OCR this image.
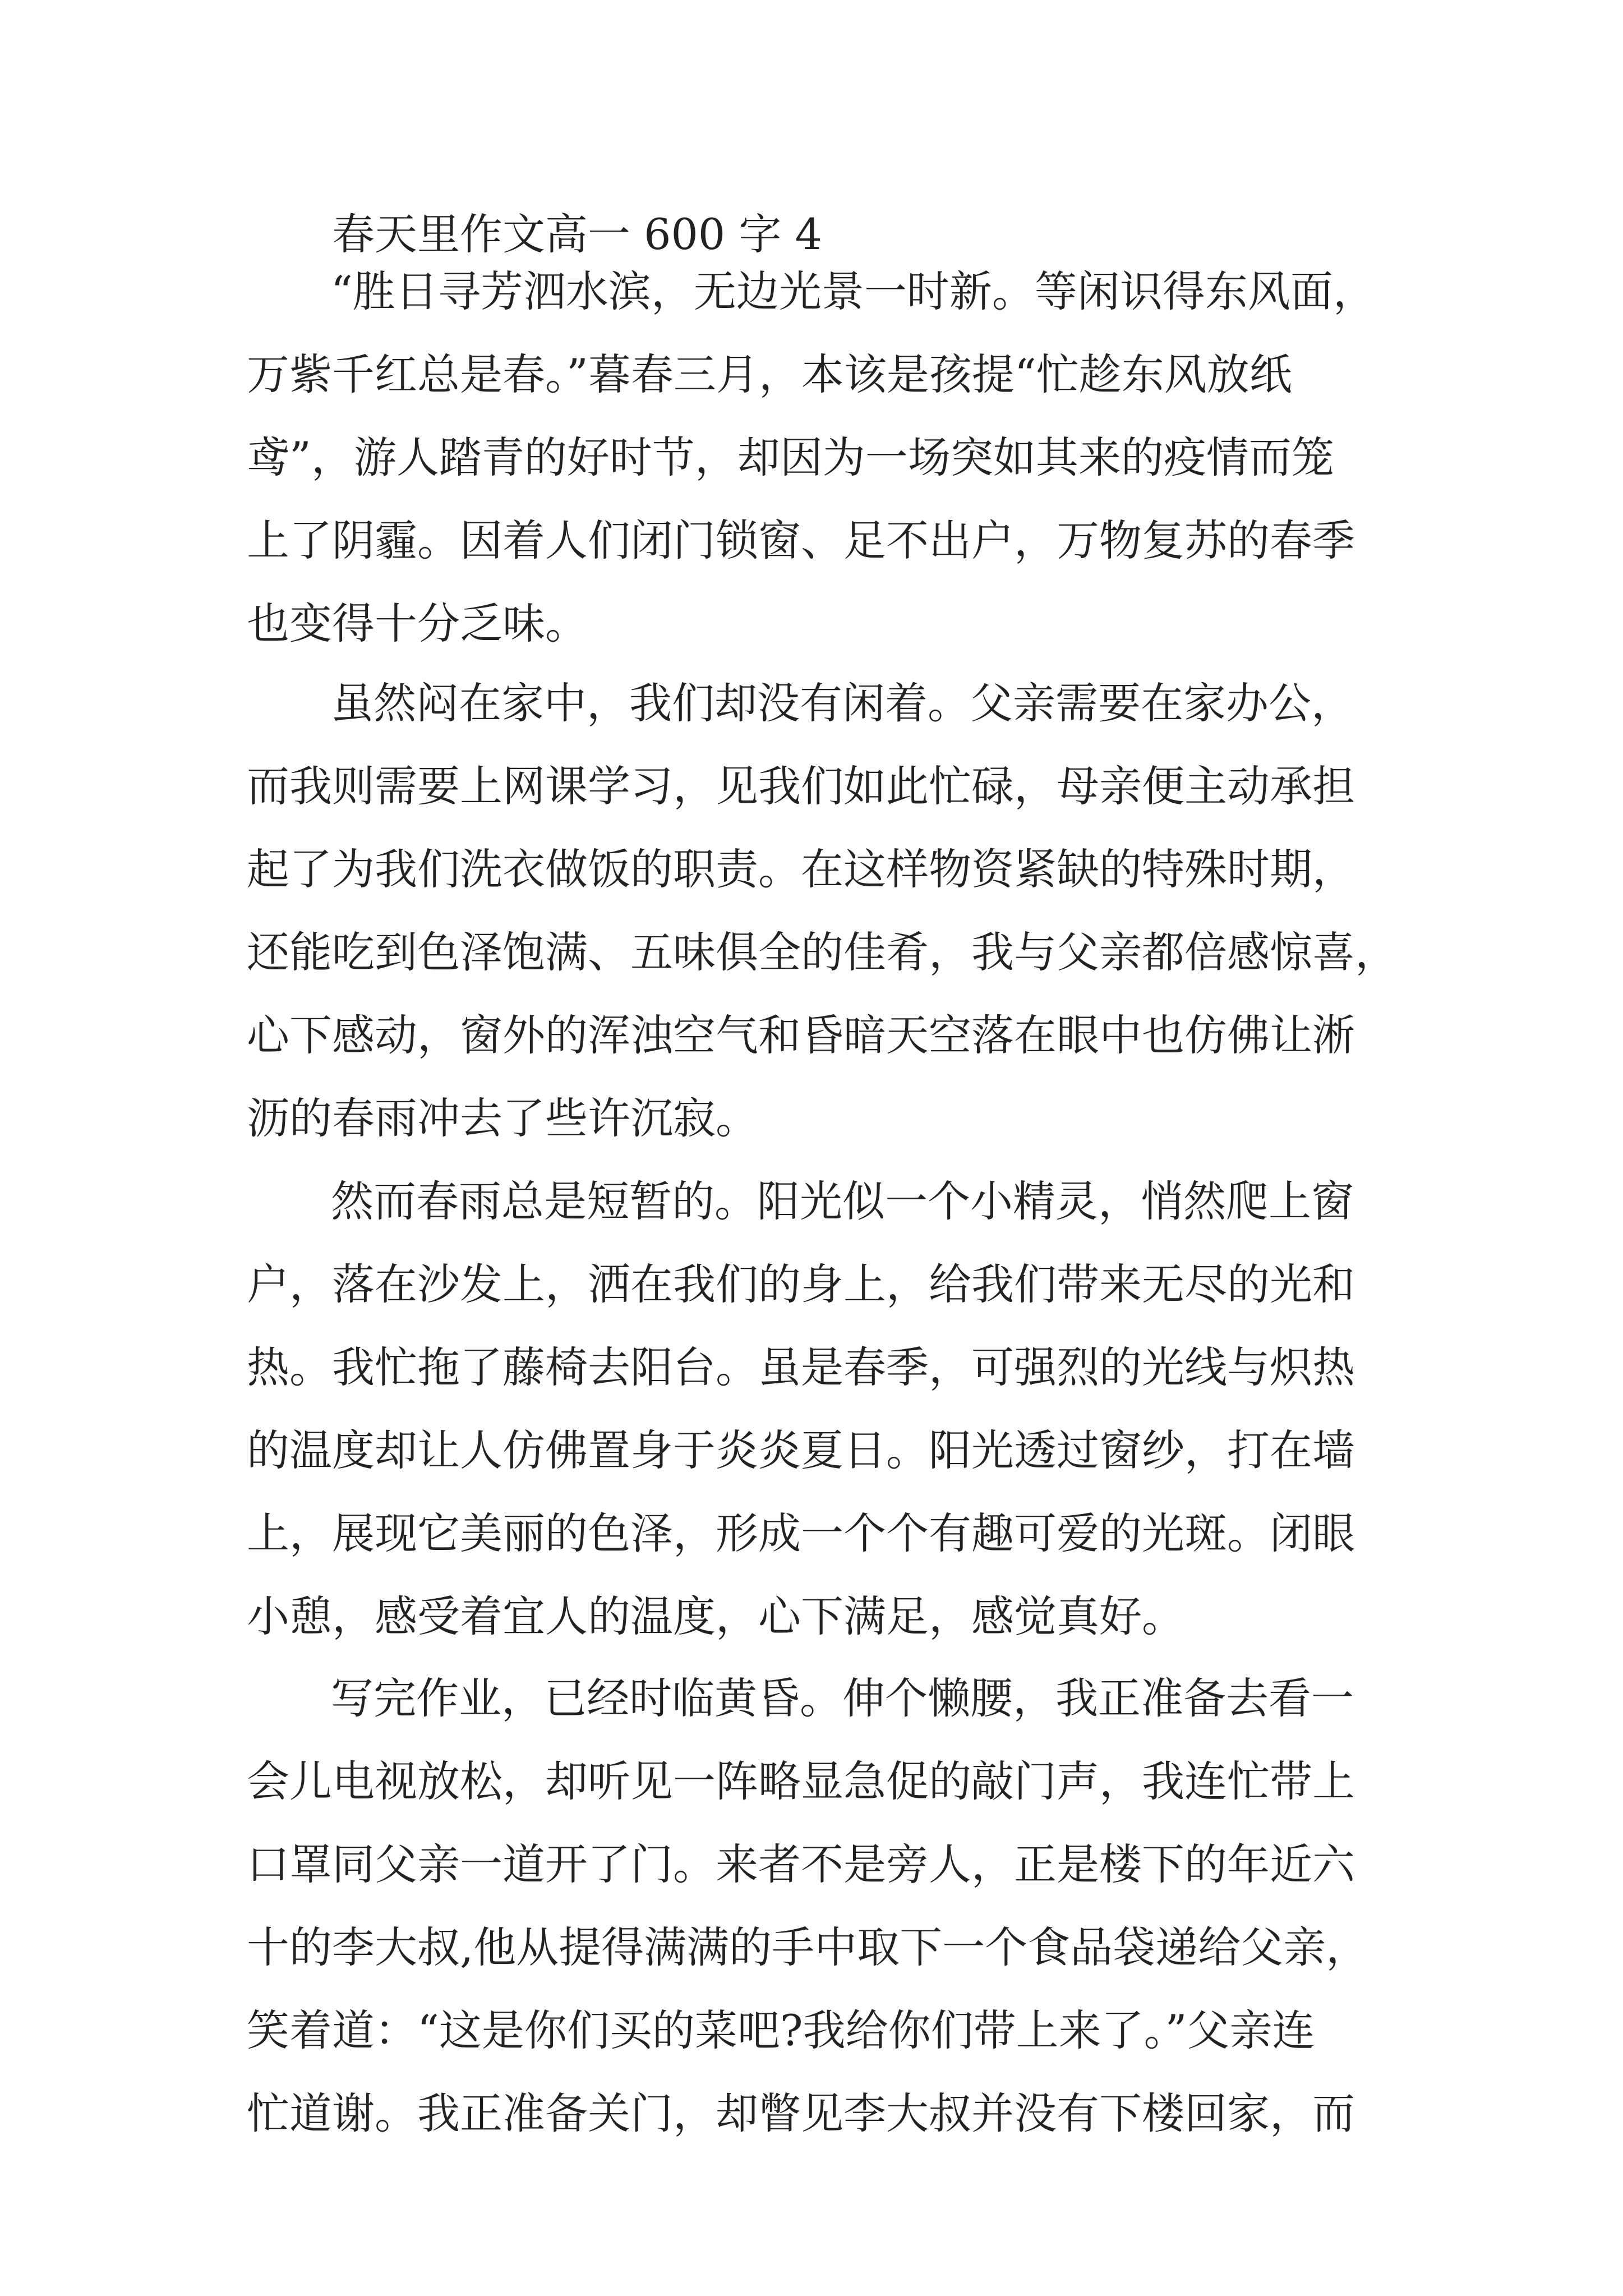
春天里作文高一 600 字 4
“胜日寻芳泗水滨，无边光景一时新。等闲识得东风面，
万紫千红总是春。”暮春三月，本该是孩提“忙趁东风放纸
鸢”，游人踏青的好时节，却因为一场突如其来的疫情而笼
上了阴霾。因着人们闭门锁窗、足不出户，万物复苏的春季
也变得十分乏味。
虽然闷在家中，我们却没有闲着。父亲需要在家办公，
而我则需要上网课学习，见我们如此忙碌，母亲便主动承担
起了为我们洗衣做饭的职责。在这样物资紧缺的特殊时期，
还能吃到色泽饱满、五味俱全的佳肴，我与父亲都倍感惊喜，
心下感动，窗外的浑浊空气和昏暗天空落在眼中也仿佛让淅
沥的春雨冲去了些许沉寂。
然而春雨总是短暂的。阳光似一个小精灵，悄然爬上窗
户，落在沙发上，洒在我们的身上，给我们带来无尽的光和
热。我忙拖了藤椅去阳台。虽是春季，可强烈的光线与炽热
的温度却让人仿佛置身于炎炎夏日。阳光透过窗纱，打在墙
上，展现它美丽的色泽，形成一个个有趣可爱的光斑。闭眼
小憩，感受着宜人的温度，心下满足，感觉真好。
写完作业，已经时临黄昏。伸个懒腰，我正准备去看一
会儿电视放松，却听见一阵略显急促的敲门声，我连忙带上
口罩同父亲一道开了门。来者不是旁人，正是楼下的年近六
十的李大叔,他从提得满满的手中取下一个食品袋递给父亲，
笑着道：“这是你们买的菜吧?我给你们带上来了。”父亲连
忙道谢。我正准备关门，却瞥见李大叔并没有下楼回家，而
